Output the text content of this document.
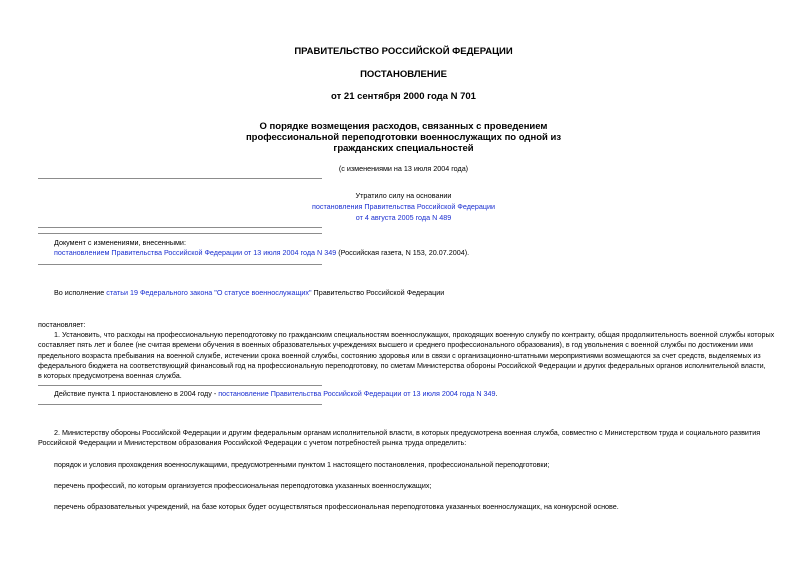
ПРАВИТЕЛЬСТВО РОССИЙСКОЙ ФЕДЕРАЦИИ
ПОСТАНОВЛЕНИЕ
от 21 сентября 2000 года N 701
О порядке возмещения расходов, связанных с проведением
профессиональной переподготовки военнослужащих по одной из
гражданских специальностей
(с изменениями на 13 июля 2004 года)
Утратило силу на основании
постановления Правительства Российской Федерации
от 4 августа 2005 года N 489
Документ с изменениями, внесенными:
постановлением Правительства Российской Федерации от 13 июля 2004 года N 349 (Российская газета, N 153, 20.07.2004).
Во исполнение статьи 19 Федерального закона "О статусе военнослужащих" Правительство Российской Федерации
постановляет:
1. Установить, что расходы на профессиональную переподготовку по гражданским специальностям военнослужащих, проходящих военную службу по контракту, общая продолжительность военной службы которых
составляет пять лет и более (не считая времени обучения в военных образовательных учреждениях высшего и среднего профессионального образования), в год увольнения с военной службы по достижении ими
предельного возраста пребывания на военной службе, истечении срока военной службы, состоянию здоровья или в связи с организационно-штатными мероприятиями возмещаются за счет средств, выделяемых из
федерального бюджета на соответствующий финансовый год на профессиональную переподготовку, по сметам Министерства обороны Российской Федерации и других федеральных органов исполнительной власти,
в которых предусмотрена военная служба.
Действие пункта 1 приостановлено в 2004 году - постановление Правительства Российской Федерации от 13 июля 2004 года N 349.
2. Министерству обороны Российской Федерации и другим федеральным органам исполнительной власти, в которых предусмотрена военная служба, совместно с Министерством труда и социального развития
Российской Федерации и Министерством образования Российской Федерации с учетом потребностей рынка труда определить:
порядок и условия прохождения военнослужащими, предусмотренными пунктом 1 настоящего постановления, профессиональной переподготовки;
перечень профессий, по которым организуется профессиональная переподготовка указанных военнослужащих;
перечень образовательных учреждений, на базе которых будет осуществляться профессиональная переподготовка указанных военнослужащих, на конкурсной основе.
